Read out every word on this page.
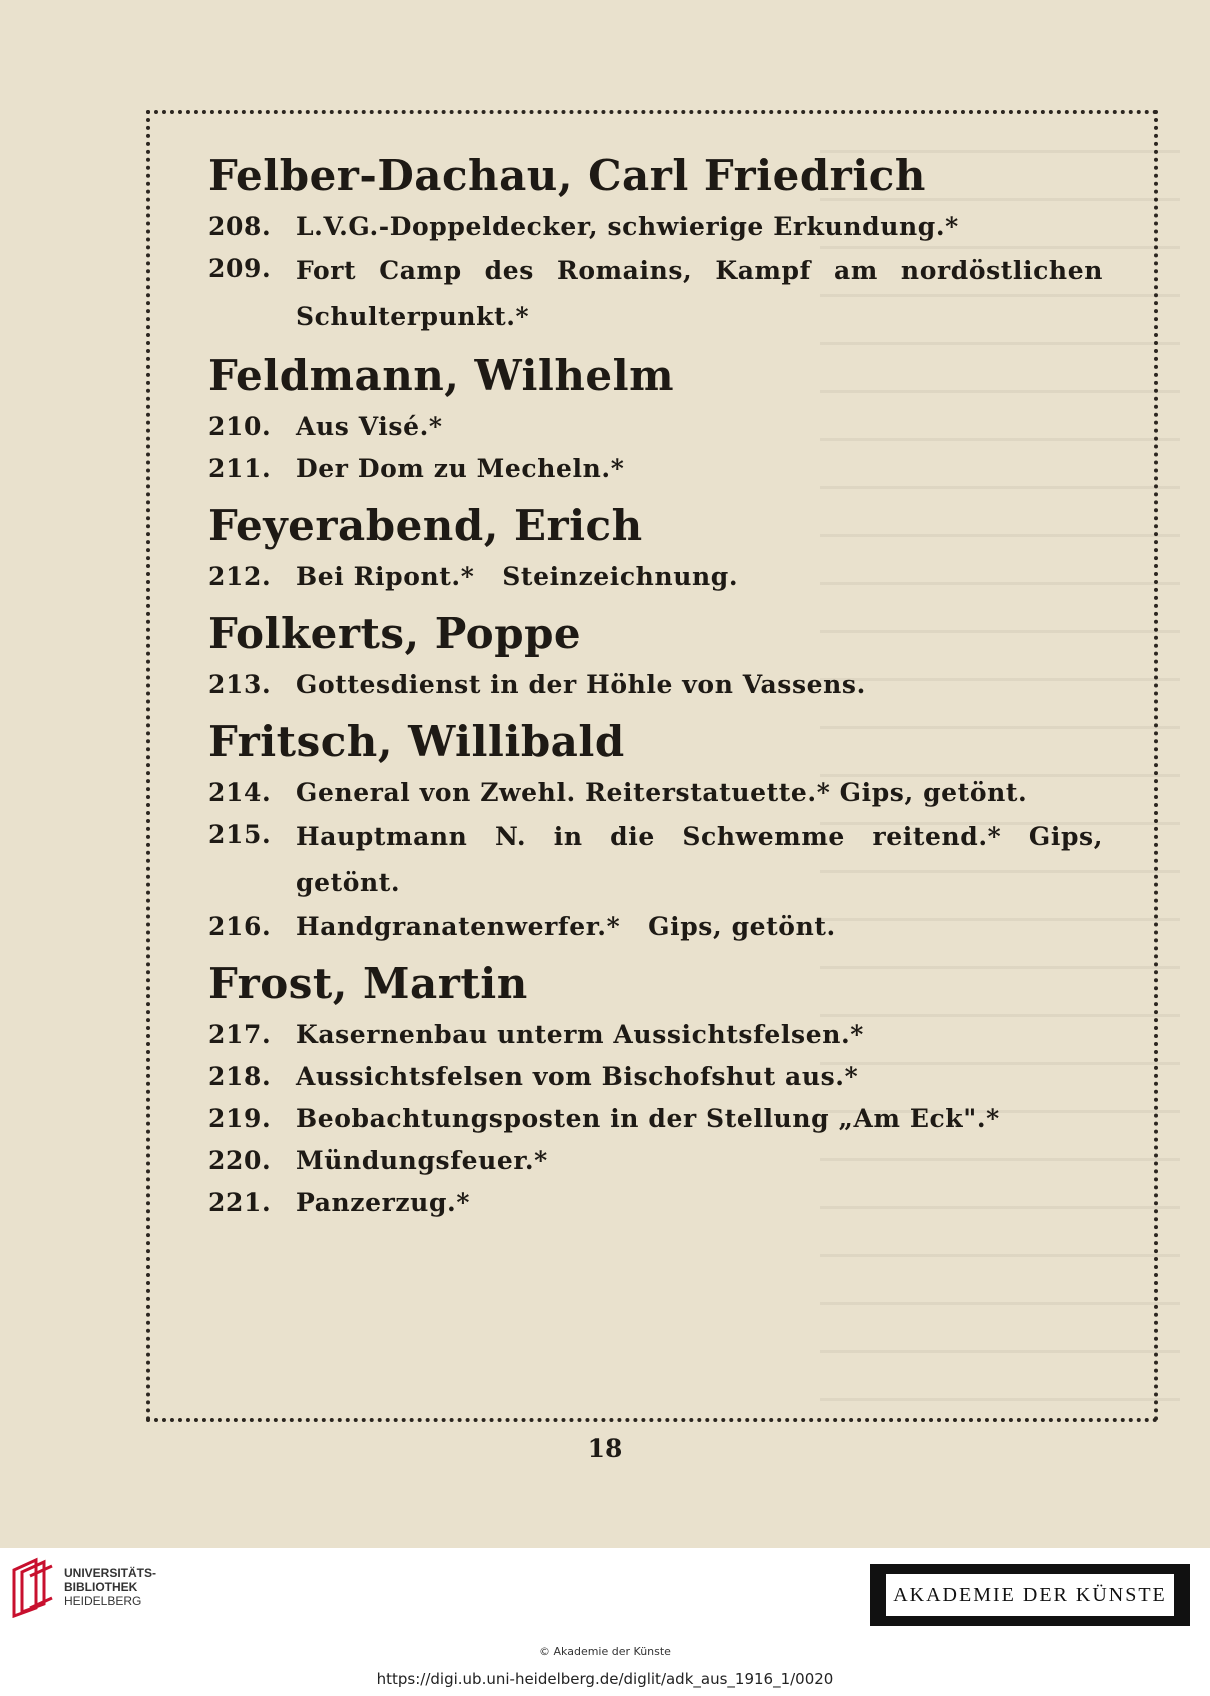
Felber-Dachau, Carl Friedrich
208. L.V.G.-Doppeldecker, schwierige Erkundung.*
209. Fort Camp des Romains, Kampf am nordöstlichen Schulterpunkt.*
Feldmann, Wilhelm
210. Aus Visé.*
211. Der Dom zu Mecheln.*
Feyerabend, Erich
212. Bei Ripont.*   Steinzeichnung.
Folkerts, Poppe
213. Gottesdienst in der Höhle von Vassens.
Fritsch, Willibald
214. General von Zwehl. Reiterstatuette.* Gips, getönt.
215. Hauptmann N. in die Schwemme reitend.* Gips, getönt.
216. Handgranatenwerfer.*   Gips, getönt.
Frost, Martin
217. Kasernenbau unterm Aussichtsfelsen.*
218. Aussichtsfelsen vom Bischofshut aus.*
219. Beobachtungsposten in der Stellung „Am Eck".*
220. Mündungsfeuer.*
221. Panzerzug.*
18
UNIVERSITÄTS-
BIBLIOTHEK
HEIDELBERG	AKADEMIE DER KÜNSTE
© Akademie der Künste
https://digi.ub.uni-heidelberg.de/diglit/adk_aus_1916_1/0020
